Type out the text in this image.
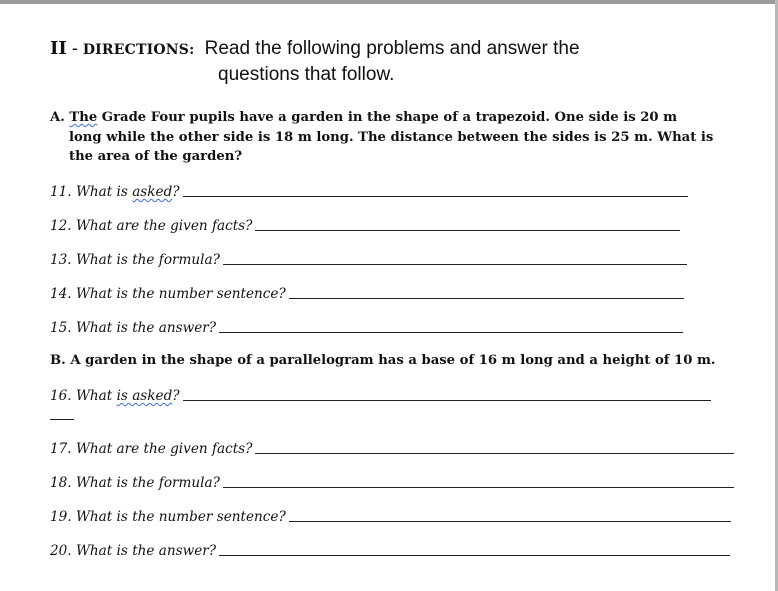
II - DIRECTIONS: Read the following problems and answer the
questions that follow.
A. The Grade Four pupils have a garden in the shape of a trapezoid. One side is 20 m
long while the other side is 18 m long. The distance between the sides is 25 m. What is
the area of the garden?
11. What is asked?
12. What are the given facts?
13. What is the formula?
14. What is the number sentence?
15. What is the answer?
B. A garden in the shape of a parallelogram has a base of 16 m long and a height of 10 m.
16. What is asked?
17. What are the given facts?
18. What is the formula?
19. What is the number sentence?
20. What is the answer?
